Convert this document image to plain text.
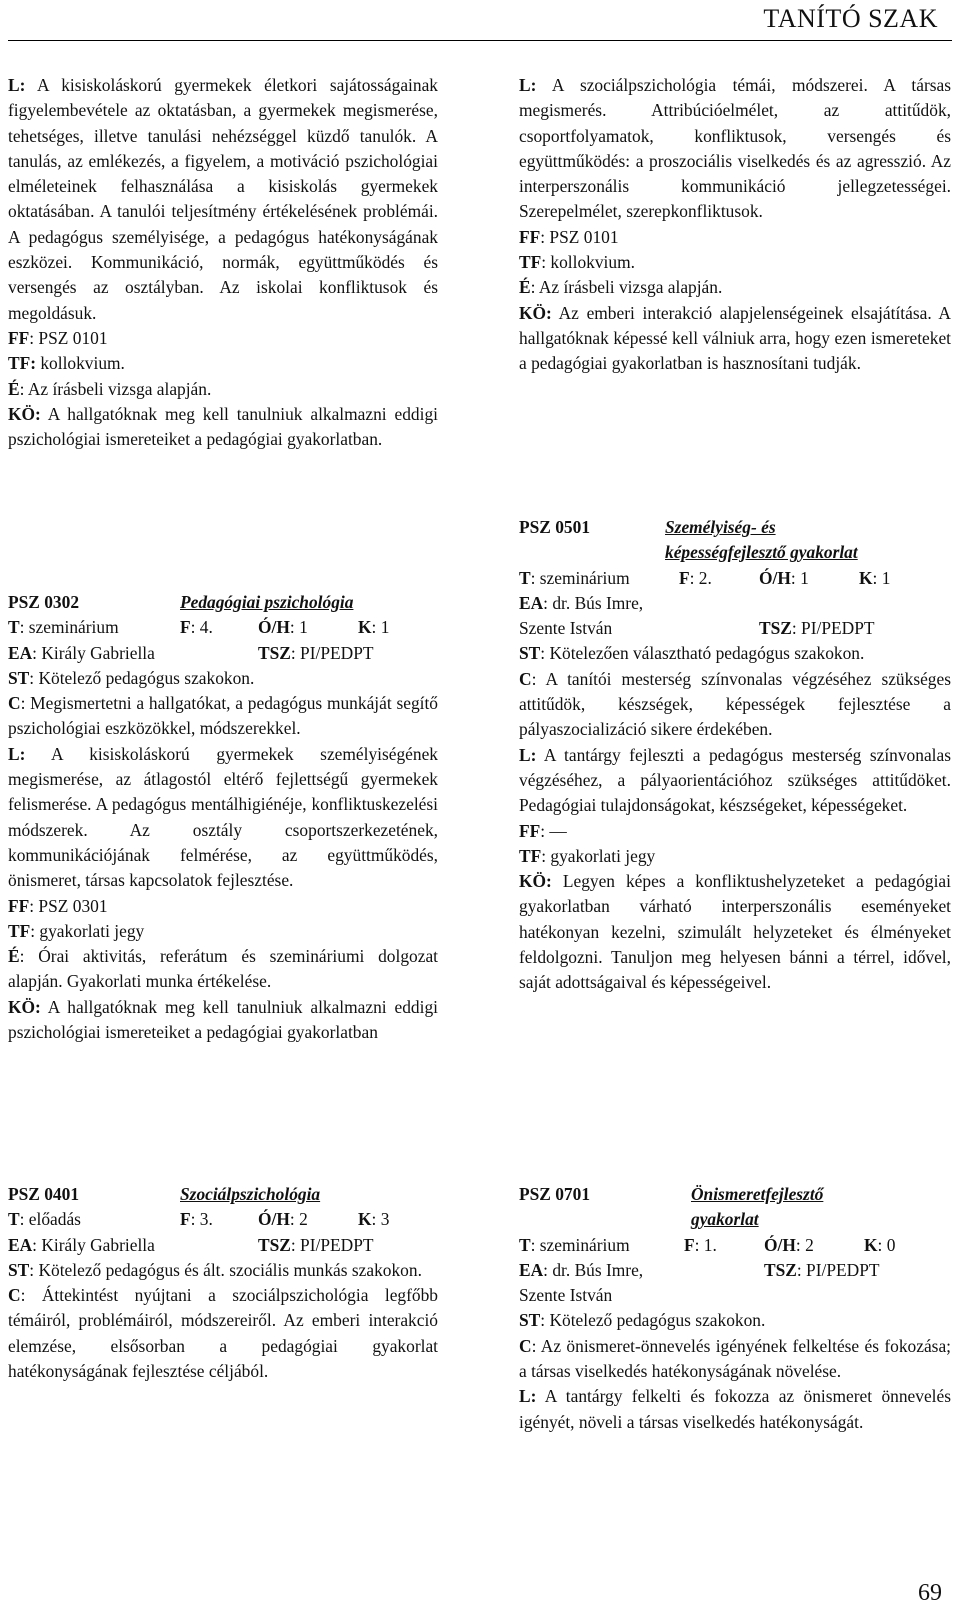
TANÍTÓ SZAK

L: A kisiskoláskorú gyermekek életkori sajátosságainak figyelembevétele az oktatásban, a gyermekek megismerése, tehetséges, illetve tanulási nehézséggel küzdő tanulók. A tanulás, az emlékezés, a figyelem, a motiváció pszichológiai elméleteinek felhasználása a kisiskolás gyermekek oktatásában. A tanulói teljesítmény értékelésének problémái. A pedagógus személyisége, a pedagógus hatékonyságának eszközei. Kommunikáció, normák, együttműködés és versengés az osztályban. Az iskolai konfliktusok és megoldásuk.

FF: PSZ 0101

TF: kollokvium.

É: Az írásbeli vizsga alapján.

KÖ: A hallgatóknak meg kell tanulniuk alkalmazni eddigi pszichológiai ismereteiket a pedagógiai gyakorlatban.

PSZ 0302	Pedagógiai pszichológia
T: szeminárium	F: 4.	Ó/H: 1	K: 1
EA: Király Gabriella	TSZ: PI/PEDPT

ST: Kötelező pedagógus szakokon.

C: Megismertetni a hallgatókat, a pedagógus munkáját segítő pszichológiai eszközökkel, módszerekkel.

L: A kisiskoláskorú gyermekek személyiségének megismerése, az átlagostól eltérő fejlettségű gyermekek felismerése. A pedagógus mentálhigiénéje, konfliktuskezelési módszerek. Az osztály csoportszerkezetének, kommunikációjának felmérése, az együttműködés, önismeret, társas kapcsolatok fejlesztése.

FF: PSZ 0301

TF: gyakorlati jegy

É: Órai aktivitás, referátum és szemináriumi dolgozat alapján. Gyakorlati munka értékelése.

KÖ: A hallgatóknak meg kell tanulniuk alkalmazni eddigi pszichológiai ismereteiket a pedagógiai gyakorlatban

PSZ 0401	Szociálpszichológia
T: előadás	F: 3.	Ó/H: 2	K: 3
EA: Király Gabriella	TSZ: PI/PEDPT

ST: Kötelező pedagógus és ált. szociális munkás szakokon.

C: Áttekintést nyújtani a szociálpszichológia legfőbb témáiról, problémáiról, módszereiről. Az emberi interakció elemzése, elsősorban a pedagógiai gyakorlat hatékonyságának fejlesztése céljából.

L: A szociálpszichológia témái, módszerei. A társas megismerés. Attribúcióelmélet, az attitűdök, csoportfolyamatok, konfliktusok, versengés és együttműködés: a proszociális viselkedés és az agresszió. Az interperszonális kommunikáció jellegzetességei. Szerepelmélet, szerepkonfliktusok.

FF: PSZ 0101

TF: kollokvium.

É: Az írásbeli vizsga alapján.

KÖ: Az emberi interakció alapjelenségeinek elsajátítása. A hallgatóknak képessé kell válniuk arra, hogy ezen ismereteket a pedagógiai gyakorlatban is hasznosítani tudják.

PSZ 0501	Személyiség- és
képességfejlesztő gyakorlat
T: szeminárium	F: 2.	Ó/H: 1	K: 1
EA: dr. Bús Imre,
Szente István	TSZ: PI/PEDPT

ST: Kötelezően választható pedagógus szakokon.

C: A tanítói mesterség színvonalas végzéséhez szükséges attitűdök, készségek, képességek fejlesztése a pályaszocializáció sikere érdekében.

L: A tantárgy fejleszti a pedagógus mesterség színvonalas végzéséhez, a pályaorientációhoz szükséges attitűdöket. Pedagógiai tulajdonságokat, készségeket, képességeket.

FF: —

TF: gyakorlati jegy

KÖ: Legyen képes a konfliktushelyzeteket a pedagógiai gyakorlatban várható interperszonális eseményeket hatékonyan kezelni, szimulált helyzeteket és élményeket feldolgozni. Tanuljon meg helyesen bánni a térrel, idővel, saját adottságaival és képességeivel.

PSZ 0701	Önismeretfejlesztő
gyakorlat
T: szeminárium	F: 1.	Ó/H: 2	K: 0
EA: dr. Bús Imre,	TSZ: PI/PEDPT
Szente István

ST: Kötelező pedagógus szakokon.

C: Az önismeret-önnevelés igényének felkeltése és fokozása; a társas viselkedés hatékonyságának növelése.

L: A tantárgy felkelti és fokozza az önismeret önnevelés igényét, növeli a társas viselkedés hatékonyságát.

69
